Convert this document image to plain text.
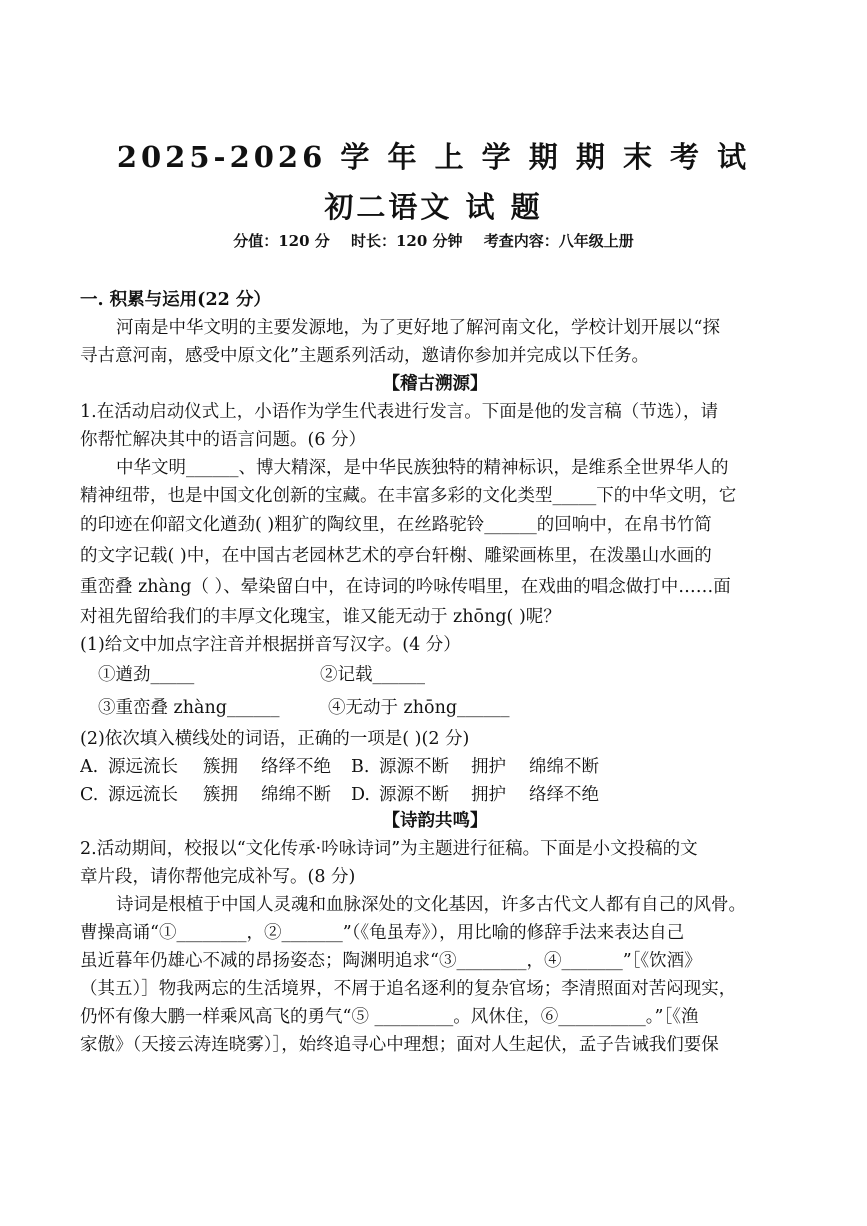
2025-2026 学 年 上 学 期 期 末 考 试
初二语文 试 题
分值：120 分 时长：120 分钟 考查内容：八年级上册
一. 积累与运用(22 分）
河南是中华文明的主要发源地，为了更好地了解河南文化，学校计划开展以“探
寻古意河南，感受中原文化”主题系列活动，邀请你参加并完成以下任务。
【稽古溯源】
1.在活动启动仪式上，小语作为学生代表进行发言。下面是他的发言稿（节选），请
你帮忙解决其中的语言问题。(6 分）
中华文明______、博大精深，是中华民族独特的精神标识，是维系全世界华人的
精神纽带，也是中国文化创新的宝藏。在丰富多彩的文化类型_____下的中华文明，它
的印迹在仰韶文化遒劲( )粗犷的陶纹里，在丝路驼铃______的回响中，在帛书竹简
的文字记载( )中，在中国古老园林艺术的亭台轩榭、雕梁画栋里，在泼墨山水画的
重峦叠 zhàng（ ）、晕染留白中，在诗词的吟咏传唱里，在戏曲的唱念做打中……面
对祖先留给我们的丰厚文化瑰宝，谁又能无动于 zhōng( )呢？
(1)给文中加点字注音并根据拼音写汉字。(4 分）
①遒劲_____	②记载______
③重峦叠 zhàng______	④无动于 zhōng______
(2)依次填入横线处的词语，正确的一项是( )(2 分)
A. 源远流长	簇拥	络绎不绝	B. 源源不断	拥护	绵绵不断
C. 源远流长	簇拥	绵绵不断	D. 源源不断	拥护	络绎不绝
【诗韵共鸣】
2.活动期间，校报以“文化传承·吟咏诗词”为主题进行征稿。下面是小文投稿的文
章片段，请你帮他完成补写。(8 分)
诗词是根植于中国人灵魂和血脉深处的文化基因，许多古代文人都有自己的风骨。
曹操高诵“①________，②_______”（《龟虽寿》），用比喻的修辞手法来表达自己
虽近暮年仍雄心不减的昂扬姿态；陶渊明追求“③________，④_______”［《饮酒》
（其五）］物我两忘的生活境界，不屑于追名逐利的复杂官场；李清照面对苦闷现实，
仍怀有像大鹏一样乘风高飞的勇气“⑤ _________。风休住，⑥__________。”［《渔
家傲》（天接云涛连晓雾）］，始终追寻心中理想；面对人生起伏，孟子告诫我们要保
